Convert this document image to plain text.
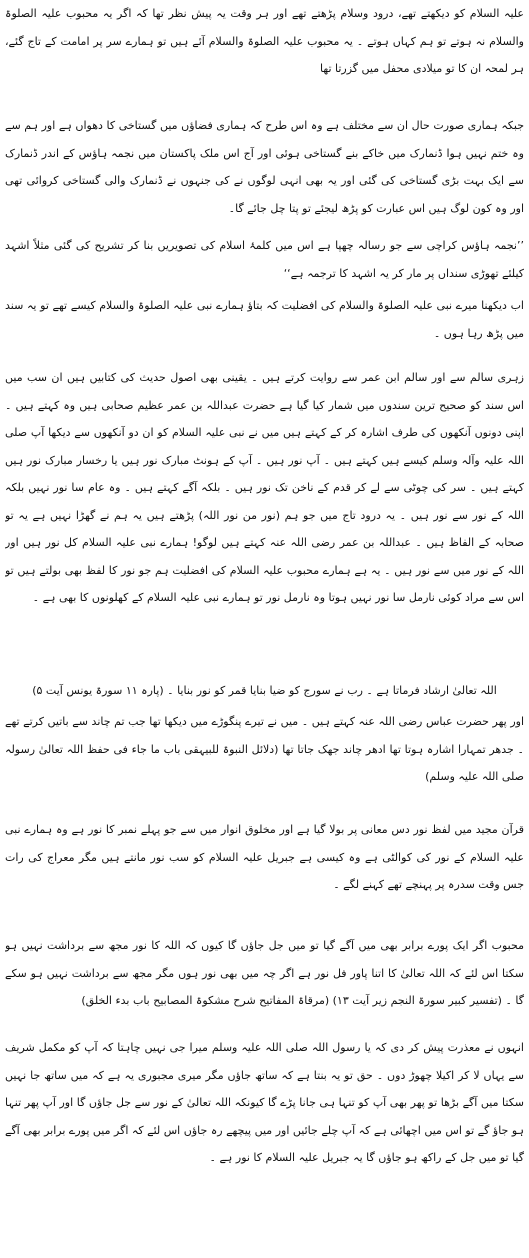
علیہ السلام کو دیکھتے تھے، درود وسلام پڑھتے تھے اور ہر وقت یہ پیش نظر تھا کہ اگر یہ محبوب علیہ الصلوۃ والسلام نہ ہوتے تو ہم کہاں ہوتے ۔ یہ محبوب علیہ الصلوۃ والسلام آئے ہیں تو ہمارے سر پر امامت کے تاج گئے، ہر لمحہ ان کا تو میلادی محفل میں گزرتا تھا

جبکہ ہماری صورت حال ان سے مختلف ہے وہ اس طرح کہ ہماری فضاؤں میں گستاخی کا دھواں ہے اور ہم سے وہ ختم نہیں ہوا ڈنمارک میں خاکے بنے گستاخی ہوئی اور آج اس ملک پاکستان میں نجمہ ہاؤس کے اندر ڈنمارک سے ایک بہت بڑی گستاخی کی گئی اور یہ بھی انہی لوگوں نے کی جنہوں نے ڈنمارک والی گستاخی کروائی تھی اور وہ کون لوگ ہیں اس عبارت کو پڑھ لیجئے تو پتا چل جائے گا۔

’’نجمہ ہاؤس کراچی سے جو رسالہ چھپا ہے اس میں کلمۂ اسلام کی تصویریں بنا کر تشریح کی گئی مثلاً اشہد کیلئے تھوڑی سنداں پر مار کر یہ اشہد کا ترجمہ ہے‘‘

اب دیکھنا میرے نبی علیہ الصلوۃ والسلام کی افضلیت کہ بتاؤ ہمارے نبی علیہ الصلوۃ والسلام کیسے تھے تو یہ سند میں پڑھ رہا ہوں ۔

زہری سالم سے اور سالم ابن عمر سے روایت کرتے ہیں ۔ یقینی بھی اصول حدیث کی کتابیں ہیں ان سب میں اس سند کو صحیح ترین سندوں میں شمار کیا گیا ہے حضرت عبداللہ بن عمر عظیم صحابی ہیں وہ کہتے ہیں ۔ اپنی دونوں آنکھوں کی طرف اشارہ کر کے کہتے ہیں میں نے نبی علیہ السلام کو ان دو آنکھوں سے دیکھا آپ صلی اللہ علیہ وآلہ وسلم کیسے ہیں کہتے ہیں ۔ آپ نور ہیں ۔ آپ کے ہونٹ مبارک نور ہیں یا رخسار مبارک نور ہیں کہتے ہیں ۔ سر کی چوٹی سے لے کر قدم کے ناخن تک نور ہیں ۔ بلکہ آگے کہتے ہیں ۔ وہ عام سا نور نہیں بلکہ اللہ کے نور سے نور ہیں ۔ یہ درود تاج میں جو ہم (نور من نور اللہ) پڑھتے ہیں یہ ہم نے گھڑا نہیں ہے یہ تو صحابہ کے الفاظ ہیں ۔ عبداللہ بن عمر رضی اللہ عنہ کہتے ہیں لوگو! ہمارے نبی علیہ السلام کل نور ہیں اور اللہ کے نور میں سے نور ہیں ۔ یہ ہے ہمارے محبوب علیہ السلام کی افضلیت ہم جو نور کا لفظ بھی بولتے ہیں تو اس سے مراد کوئی نارمل سا نور نہیں ہوتا وہ نارمل نور تو ہمارے نبی علیہ السلام کے کھلونوں کا بھی ہے ۔

اللہ تعالیٰ ارشاد فرماتا ہے ۔ رب نے سورج کو ضیا بنایا قمر کو نور بنایا ۔ (پارہ ۱۱ سورۃ یونس آیت ۵)

اور پھر حضرت عباس رضی اللہ عنہ کہتے ہیں ۔ میں نے تیرے پنگوڑے میں دیکھا تھا جب تم چاند سے باتیں کرتے تھے ۔ جدھر تمہارا اشارہ ہوتا تھا ادھر چاند جھک جاتا تھا (دلائل النبوۃ للبیہقی باب ما جاء فی حفظ اللہ تعالیٰ رسولہ صلی اللہ علیہ وسلم)

قرآن مجید میں لفظ نور دس معانی پر بولا گیا ہے اور مخلوق انوار میں سے جو پہلے نمبر کا نور ہے وہ ہمارے نبی علیہ السلام کے نور کی کوالٹی ہے وہ کیسی ہے جبریل علیہ السلام کو سب نور مانتے ہیں مگر معراج کی رات جس وقت سدرہ پر پہنچے تھے کہنے لگے ۔

محبوب اگر ایک پورے برابر بھی میں آگے گیا تو میں جل جاؤں گا کیوں کہ اللہ کا نور مجھ سے برداشت نہیں ہو سکتا اس لئے کہ اللہ تعالیٰ کا اتنا پاور فل نور ہے اگر چہ میں بھی نور ہوں مگر مجھ سے برداشت نہیں ہو سکے گا ۔ (تفسیر کبیر سورۃ النجم زیر آیت ۱۳) (مرقاۃ المفاتیح شرح مشکوۃ المصابیح باب بدء الخلق)

انہوں نے معذرت پیش کر دی کہ یا رسول اللہ صلی اللہ علیہ وسلم میرا جی نہیں چاہتا کہ آپ کو مکمل شریف سے یہاں لا کر اکیلا چھوڑ دوں ۔ حق تو یہ بنتا ہے کہ ساتھ جاؤں مگر میری مجبوری یہ ہے کہ میں ساتھ جا نہیں سکتا میں آگے بڑھا تو پھر بھی آپ کو تنہا ہی جانا پڑے گا کیونکہ اللہ تعالیٰ کے نور سے جل جاؤں گا اور آپ پھر تنہا ہو جاؤ گے تو اس میں اچھائی ہے کہ آپ چلے جائیں اور میں پیچھے رہ جاؤں اس لئے کہ اگر میں پورے برابر بھی آگے گیا تو میں جل کے راکھ ہو جاؤں گا یہ جبریل علیہ السلام کا نور ہے ۔
